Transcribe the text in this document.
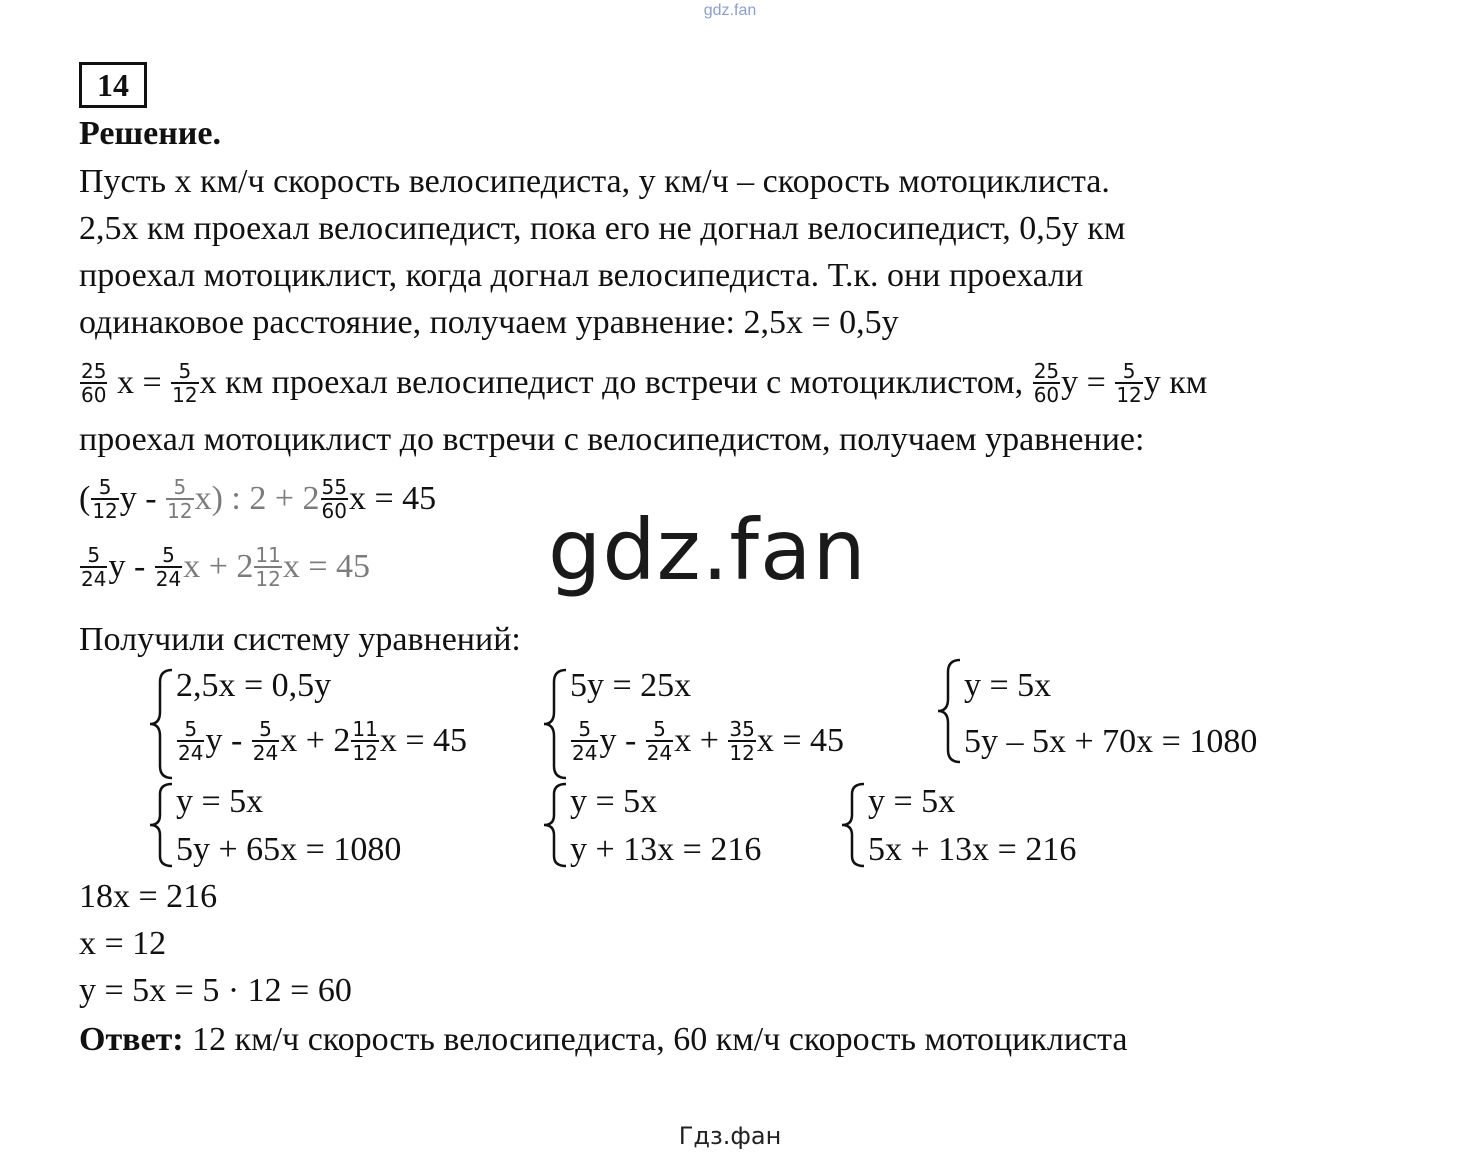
gdz.fan
14
Решение.
Пусть x км/ч скорость велосипедиста, y км/ч – скорость мотоциклиста.
2,5x км проехал велосипедист, пока его не догнал велосипедист, 0,5y км
проехал мотоциклист, когда догнал велосипедиста. Т.к. они проехали
одинаковое расстояние, получаем уравнение: 2,5x = 0,5y
$\frac{25}{60}$ $x = \frac{5}{12}$ x км проехал велосипедист до встречи с мотоциклистом, $\frac{25}{60}$ $y = \frac{5}{12}$ y км
проехал мотоциклист до встречи с велосипедистом, получаем уравнение:
( $\frac{5}{12}$ y - $\frac{5}{12} x$) : $2 + 2 \frac{55}{60}$ x = 45
$\frac{5}{24}$ y - $\frac{5}{24}$ $x + 2 \frac{11}{12}$ x = 45 gdz.fan
Получили систему уравнений:
2,5x = 0,5y
$\frac{5}{24}$ y - $\frac{5}{24}$ $x + 2 \frac{11}{12}$ x = 45
5y = 25x
$\frac{5}{24}$ y - $\frac{5}{24}$ $x + \frac{35}{12}$ x = 45
y = 5x
5y – 5x + 70x = 1080
y = 5x
5y + 65x = 1080
y = 5x
y + 13x = 216
y = 5x
5x + 13x = 216
18x = 216
x = 12
y = 5x = 5 · 12 = 60
Ответ: 12 км/ч скорость велосипедиста, 60 км/ч скорость мотоциклиста
Гдз.фан
